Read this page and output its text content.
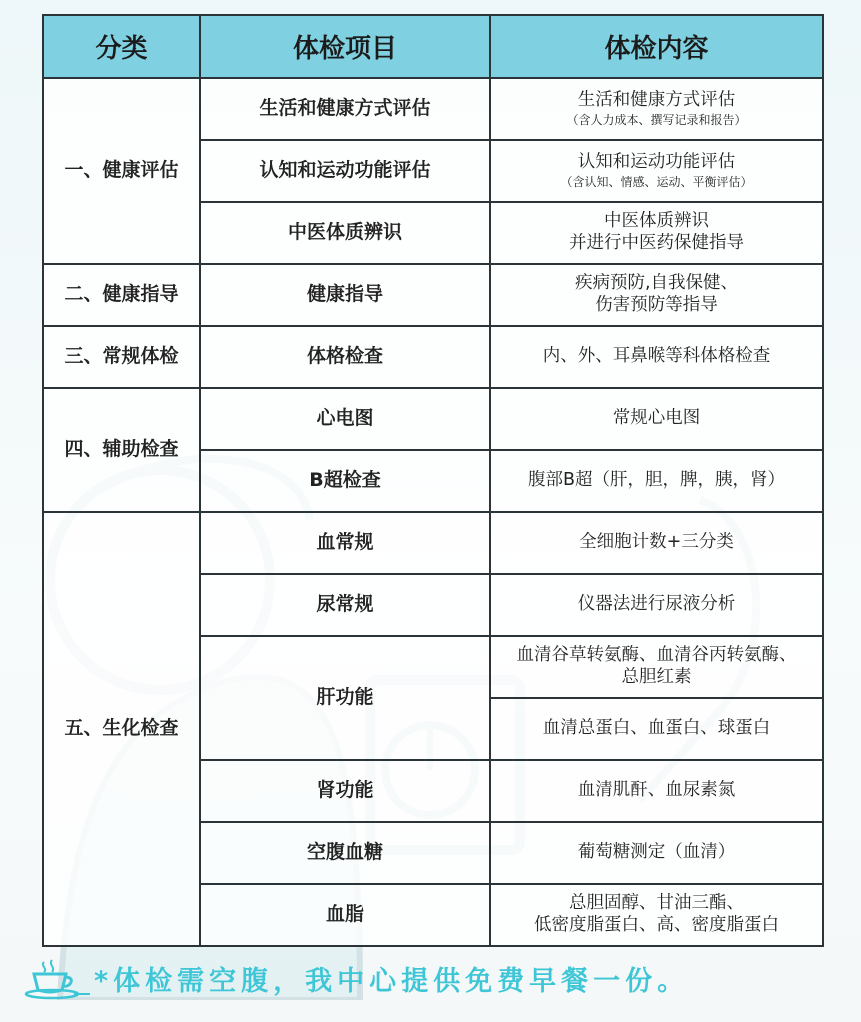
分类	体检项目	体检内容
一、健康评估	生活和健康方式评估	生活和健康方式评估
（含人力成本、撰写记录和报告）

	认知和运动功能评估	认知和运动功能评估
（含认知、情感、运动、平衡评估）

	中医体质辨识	中医体质辨识
并进行中医药保健指导

二、健康指导	健康指导	疾病预防,自我保健、
伤害预防等指导

三、常规体检	体格检查	内、外、耳鼻喉等科体格检查
四、辅助检查	心电图	常规心电图
	B超检查	腹部B超（肝，胆，脾，胰，肾）
五、生化检查	血常规	全细胞计数+三分类
	尿常规	仪器法进行尿液分析
	肝功能	血清谷草转氨酶、血清谷丙转氨酶、
总胆红素

		血清总蛋白、血蛋白、球蛋白
	肾功能	血清肌酐、血尿素氮
	空腹血糖	葡萄糖测定（血清）
	血脂	总胆固醇、甘油三酯、
低密度脂蛋白、高、密度脂蛋白
*体检需空腹，我中心提供免费早餐一份。
